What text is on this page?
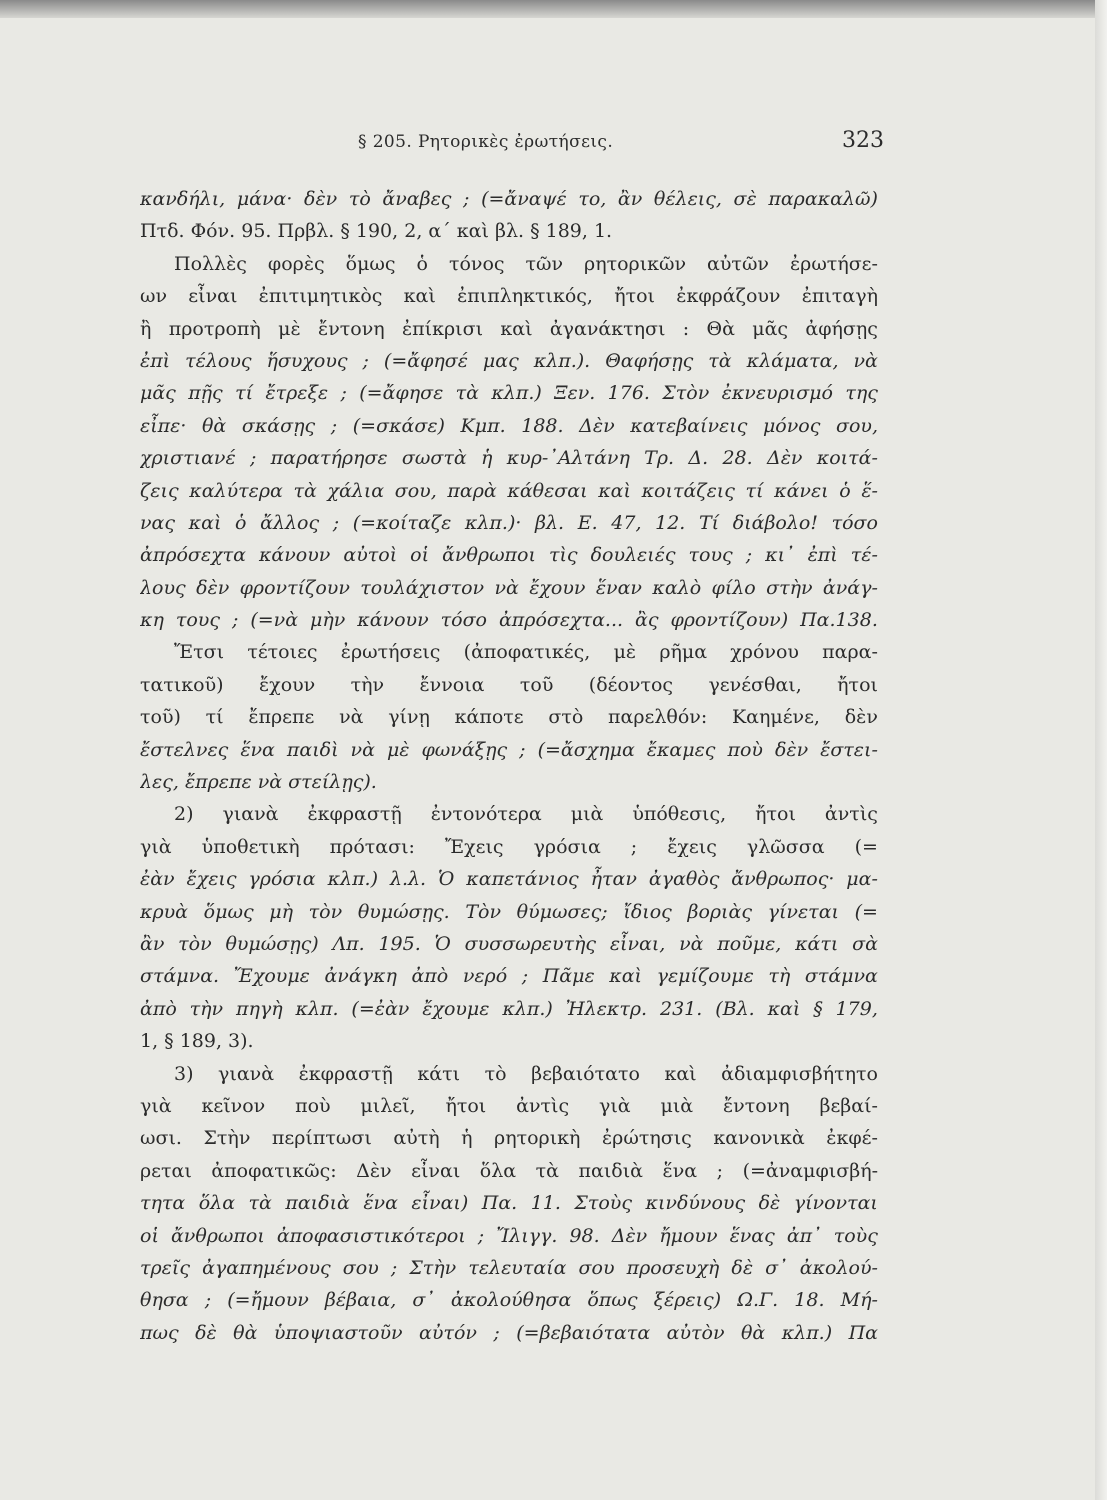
§ 205. Ρητορικὲς ἐρωτήσεις.	323
κανδήλι, μάνα· δὲν τὸ ἄναβες ; (=ἄναψέ το, ἂν θέλεις, σὲ παρακαλῶ)
Πτδ. Φόν. 95. Πρβλ. § 190, 2, α΄ καὶ βλ. § 189, 1.
Πολλὲς φορὲς ὅμως ὁ τόνος τῶν ρητορικῶν αὐτῶν ἐρωτήσε-
ων εἶναι ἐπιτιμητικὸς καὶ ἐπιπληκτικός, ἤτοι ἐκφράζουν ἐπιταγὴ
ἢ προτροπὴ μὲ ἔντονη ἐπίκρισι καὶ ἀγανάκτησι : Θὰ μᾶς ἀφήσῃς
ἐπὶ τέλους ἥσυχους ; (=ἄφησέ μας κλπ.). Θαφήσῃς τὰ κλάματα, νὰ
μᾶς πῇς τί ἔτρεξε ; (=ἄφησε τὰ κλπ.) Ξεν. 176. Στὸν ἐκνευρισμό της
εἶπε· θὰ σκάσῃς ; (=σκάσε) Κμπ. 188. Δὲν κατεβαίνεις μόνος σου,
χριστιανέ ; παρατήρησε σωστὰ ἡ κυρ-᾿Αλτάνη Τρ. Δ. 28. Δὲν κοιτά-
ζεις καλύτερα τὰ χάλια σου, παρὰ κάθεσαι καὶ κοιτάζεις τί κάνει ὁ ἕ-
νας καὶ ὁ ἄλλος ; (=κοίταζε κλπ.)· βλ. Ε. 47, 12. Τί διάβολο! τόσο
ἀπρόσεχτα κάνουν αὐτοὶ οἱ ἄνθρωποι τὶς δουλειές τους ; κι᾿ ἐπὶ τέ-
λους δὲν φροντίζουν τουλάχιστον νὰ ἔχουν ἕναν καλὸ φίλο στὴν ἀνάγ-
κη τους ; (=νὰ μὴν κάνουν τόσο ἀπρόσεχτα... ἂς φροντίζουν) Πα.138.
Ἔτσι τέτοιες ἐρωτήσεις (ἀποφατικές, μὲ ρῆμα χρόνου παρα-
τατικοῦ) ἔχουν τὴν ἔννοια τοῦ (δέοντος γενέσθαι, ἤτοι
τοῦ) τί ἔπρεπε νὰ γίνῃ κάποτε στὸ παρελθόν: Καημένε, δὲν
ἔστελνες ἕνα παιδὶ νὰ μὲ φωνάξῃς ; (=ἄσχημα ἔκαμες ποὺ δὲν ἔστει-
λες, ἔπρεπε νὰ στείλῃς).
2) γιανὰ ἐκφραστῇ ἐντονότερα μιὰ ὑπόθεσις, ἤτοι ἀντὶς
γιὰ ὑποθετικὴ πρότασι: Ἔχεις γρόσια ; ἔχεις γλῶσσα (=
ἐὰν ἔχεις γρόσια κλπ.) λ.λ. Ὁ καπετάνιος ἦταν ἀγαθὸς ἄνθρωπος· μα-
κρυὰ ὅμως μὴ τὸν θυμώσῃς. Τὸν θύμωσες; ἴδιος βοριὰς γίνεται (=
ἂν τὸν θυμώσῃς) Λπ. 195. Ὁ συσσωρευτὴς εἶναι, νὰ ποῦμε, κάτι σὰ
στάμνα. Ἔχουμε ἀνάγκη ἀπὸ νερό ; Πᾶμε καὶ γεμίζουμε τὴ στάμνα
ἀπὸ τὴν πηγὴ κλπ. (=ἐὰν ἔχουμε κλπ.) Ἠλεκτρ. 231. (Βλ. καὶ § 179,
1, § 189, 3).
3) γιανὰ ἐκφραστῇ κάτι τὸ βεβαιότατο καὶ ἀδιαμφισβήτητο
γιὰ κεῖνον ποὺ μιλεῖ, ἤτοι ἀντὶς γιὰ μιὰ ἔντονη βεβαί-
ωσι. Στὴν περίπτωσι αὐτὴ ἡ ρητορικὴ ἐρώτησις κανονικὰ ἐκφέ-
ρεται ἀποφατικῶς: Δὲν εἶναι ὅλα τὰ παιδιὰ ἕνα ; (=ἀναμφισβή-
τητα ὅλα τὰ παιδιὰ ἕνα εἶναι) Πα. 11. Στοὺς κινδύνους δὲ γίνονται
οἱ ἄνθρωποι ἀποφασιστικότεροι ; Ἴλιγγ. 98. Δὲν ἤμουν ἕνας ἀπ᾿ τοὺς
τρεῖς ἀγαπημένους σου ; Στὴν τελευταία σου προσευχὴ δὲ σ᾿ ἀκολού-
θησα ; (=ἤμουν βέβαια, σ᾿ ἀκολούθησα ὅπως ξέρεις) Ω.Γ. 18. Μή-
πως δὲ θὰ ὑποψιαστοῦν αὐτόν ; (=βεβαιότατα αὐτὸν θὰ κλπ.) Πα
